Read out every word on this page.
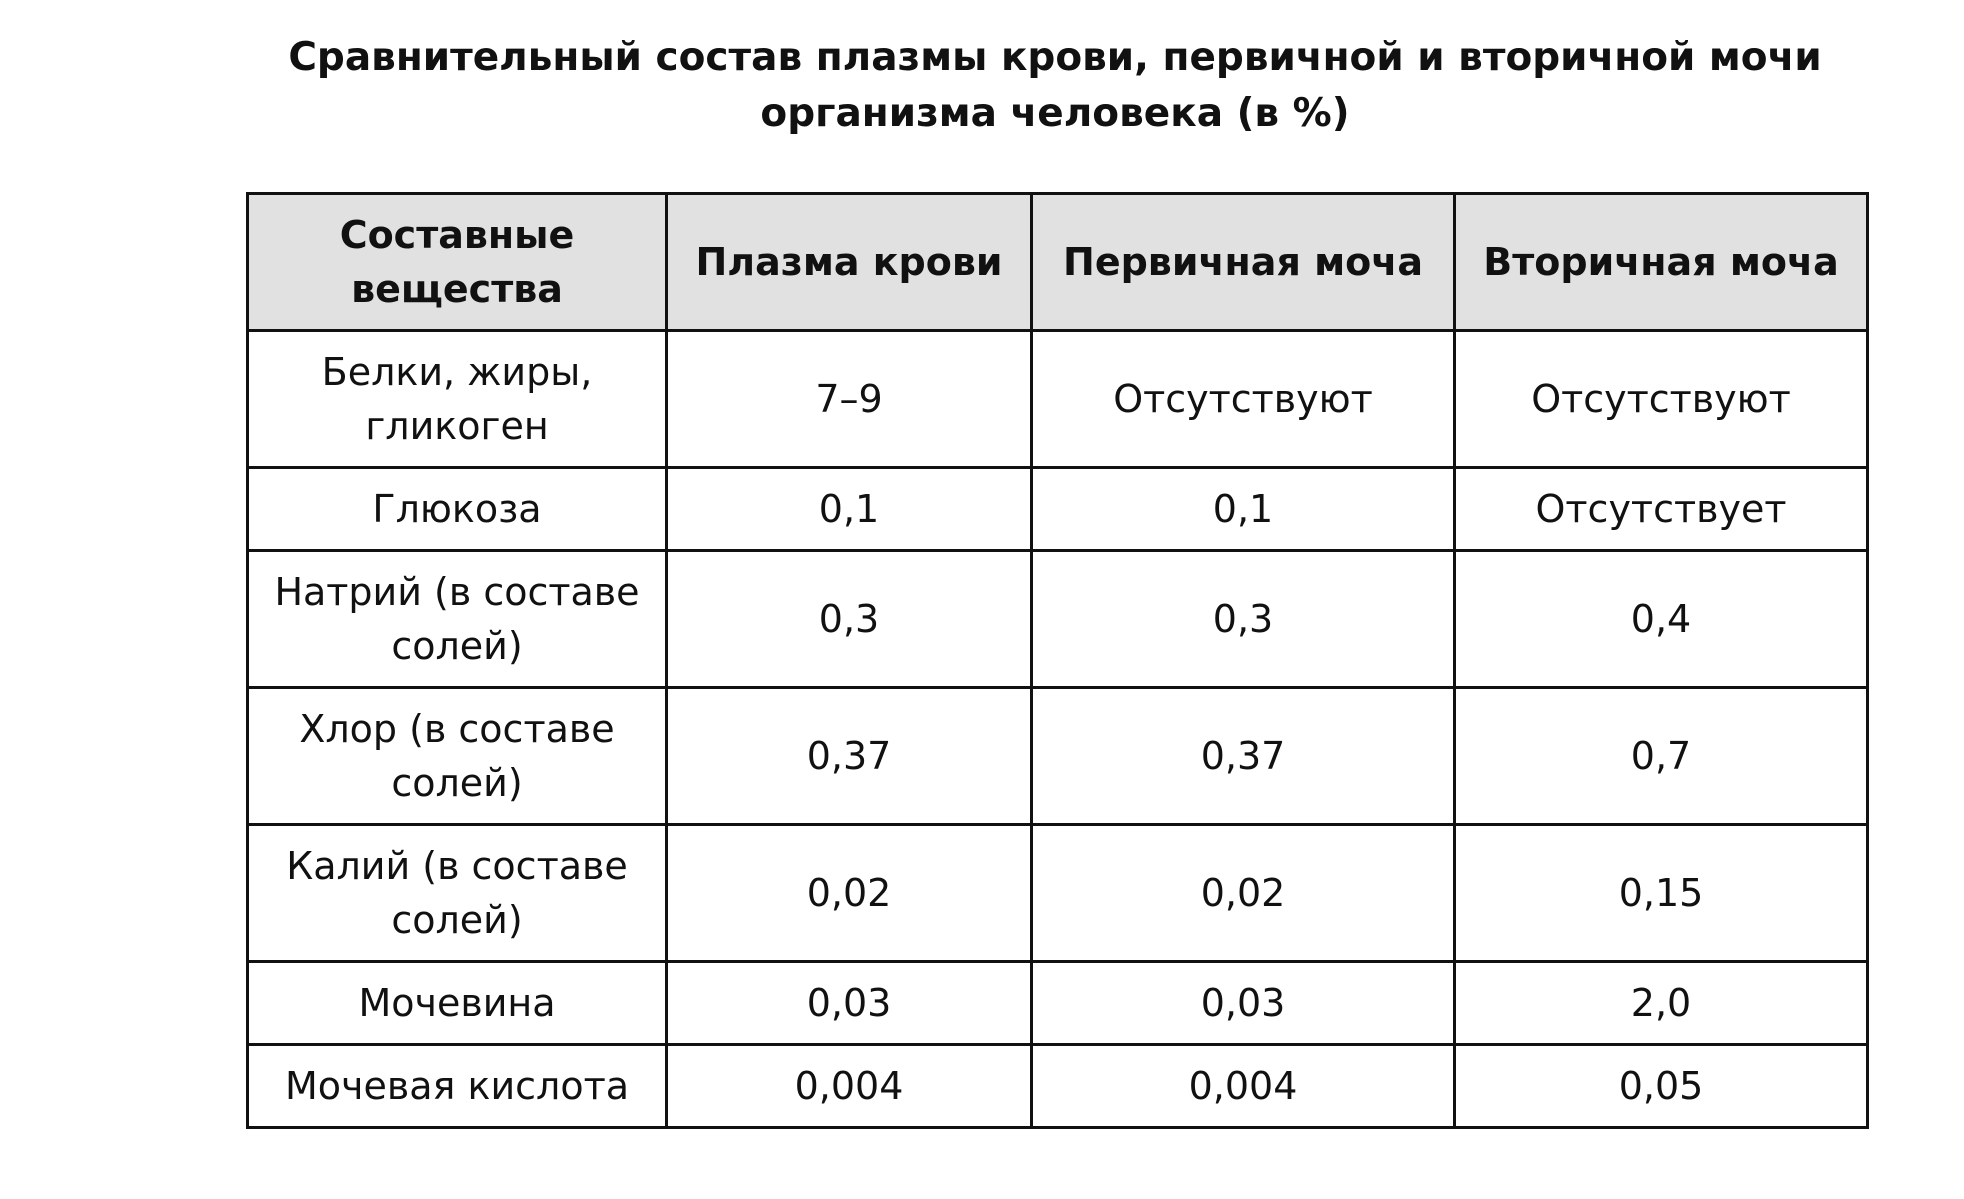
Сравнительный состав плазмы крови, первичной и вторичной мочи
организма человека (в %)
Составные вещества	Плазма крови	Первичная моча	Вторичная моча
Белки, жиры, гликоген	7–9	Отсутствуют	Отсутствуют
Глюкоза	0,1	0,1	Отсутствует
Натрий (в составе солей)	0,3	0,3	0,4
Хлор (в составе солей)	0,37	0,37	0,7
Калий (в составе солей)	0,02	0,02	0,15
Мочевина	0,03	0,03	2,0
Мочевая кислота	0,004	0,004	0,05
